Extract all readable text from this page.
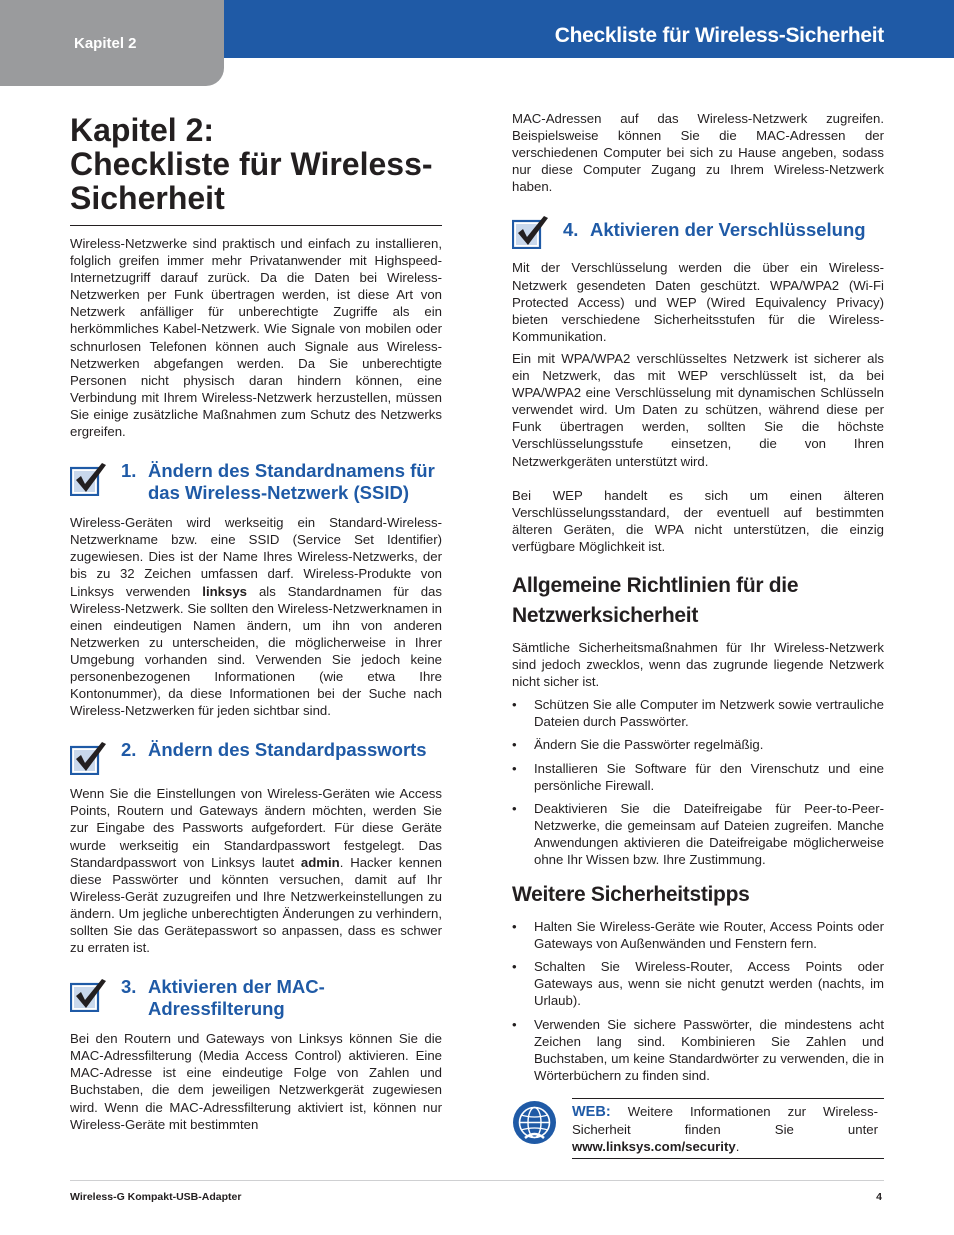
Kapitel 2	Checkliste für Wireless-Sicherheit
Kapitel 2:
Checkliste für Wireless-
Sicherheit

Wireless-Netzwerke sind praktisch und einfach zu installieren, folglich greifen immer mehr Privatanwender mit Highspeed-Internetzugriff darauf zurück. Da die Daten bei Wireless-Netzwerken per Funk übertragen werden, ist diese Art von Netzwerk anfälliger für unberechtigte Zugriffe als ein herkömmliches Kabel-Netzwerk. Wie Signale von mobilen oder schnurlosen Telefonen können auch Signale aus Wireless-Netzwerken abgefangen werden. Da Sie unberechtigte Personen nicht physisch daran hindern können, eine Verbindung mit Ihrem Wireless-Netzwerk herzustellen, müssen Sie einige zusätzliche Maßnahmen zum Schutz des Netzwerks ergreifen.

1. Ändern des Standardnamens für
das Wireless-Netzwerk (SSID)

Wireless-Geräten wird werkseitig ein Standard-Wireless-Netzwerkname bzw. eine SSID (Service Set Identifier) zugewiesen. Dies ist der Name Ihres Wireless-Netzwerks, der bis zu 32 Zeichen umfassen darf. Wireless-Produkte von Linksys verwenden linksys als Standardnamen für das Wireless-Netzwerk. Sie sollten den Wireless-Netzwerknamen in einen eindeutigen Namen ändern, um ihn von anderen Netzwerken zu unterscheiden, die möglicherweise in Ihrer Umgebung vorhanden sind. Verwenden Sie jedoch keine personenbezogenen Informationen (wie etwa Ihre Kontonummer), da diese Informationen bei der Suche nach Wireless-Netzwerken für jeden sichtbar sind.

2. Ändern des Standardpassworts

Wenn Sie die Einstellungen von Wireless-Geräten wie Access Points, Routern und Gateways ändern möchten, werden Sie zur Eingabe des Passworts aufgefordert. Für diese Geräte wurde werkseitig ein Standardpasswort festgelegt. Das Standardpasswort von Linksys lautet admin. Hacker kennen diese Passwörter und könnten versuchen, damit auf Ihr Wireless-Gerät zuzugreifen und Ihre Netzwerkeinstellungen zu ändern. Um jegliche unberechtigten Änderungen zu verhindern, sollten Sie das Gerätepasswort so anpassen, dass es schwer zu erraten ist.

3. Aktivieren der MAC-
Adressfilterung

Bei den Routern und Gateways von Linksys können Sie die MAC-Adressfilterung (Media Access Control) aktivieren. Eine MAC-Adresse ist eine eindeutige Folge von Zahlen und Buchstaben, die dem jeweiligen Netzwerkgerät zugewiesen wird. Wenn die MAC-Adressfilterung aktiviert ist, können nur Wireless-Geräte mit bestimmten

MAC-Adressen auf das Wireless-Netzwerk zugreifen. Beispielsweise können Sie die MAC-Adressen der verschiedenen Computer bei sich zu Hause angeben, sodass nur diese Computer Zugang zu Ihrem Wireless-Netzwerk haben.

4. Aktivieren der Verschlüsselung

Mit der Verschlüsselung werden die über ein Wireless-Netzwerk gesendeten Daten geschützt. WPA/WPA2 (Wi-Fi Protected Access) und WEP (Wired Equivalency Privacy) bieten verschiedene Sicherheitsstufen für die Wireless-Kommunikation.

Ein mit WPA/WPA2 verschlüsseltes Netzwerk ist sicherer als ein Netzwerk, das mit WEP verschlüsselt ist, da bei WPA/WPA2 eine Verschlüsselung mit dynamischen Schlüsseln verwendet wird. Um Daten zu schützen, während diese per Funk übertragen werden, sollten Sie die höchste Verschlüsselungsstufe einsetzen, die von Ihren Netzwerkgeräten unterstützt wird.

Bei WEP handelt es sich um einen älteren Verschlüsselungsstandard, der eventuell auf bestimmten älteren Geräten, die WPA nicht unterstützen, die einzig verfügbare Möglichkeit ist.

Allgemeine Richtlinien für die
Netzwerksicherheit

Sämtliche Sicherheitsmaßnahmen für Ihr Wireless-Netzwerk sind jedoch zwecklos, wenn das zugrunde liegende Netzwerk nicht sicher ist.

• Schützen Sie alle Computer im Netzwerk sowie vertrauliche Dateien durch Passwörter.
• Ändern Sie die Passwörter regelmäßig.
• Installieren Sie Software für den Virenschutz und eine persönliche Firewall.
• Deaktivieren Sie die Dateifreigabe für Peer-to-Peer-Netzwerke, die gemeinsam auf Dateien zugreifen. Manche Anwendungen aktivieren die Dateifreigabe möglicherweise ohne Ihr Wissen bzw. Ihre Zustimmung.
Weitere Sicherheitstipps
• Halten Sie Wireless-Geräte wie Router, Access Points oder Gateways von Außenwänden und Fenstern fern.
• Schalten Sie Wireless-Router, Access Points oder Gateways aus, wenn sie nicht genutzt werden (nachts, im Urlaub).
• Verwenden Sie sichere Passwörter, die mindestens acht Zeichen lang sind. Kombinieren Sie Zahlen und Buchstaben, um keine Standardwörter zu verwenden, die in Wörterbüchern zu finden sind.

WEB: Weitere Informationen zur Wireless-Sicherheit finden Sie unter www.linksys.com/security.

Wireless-G Kompakt-USB-Adapter	4
